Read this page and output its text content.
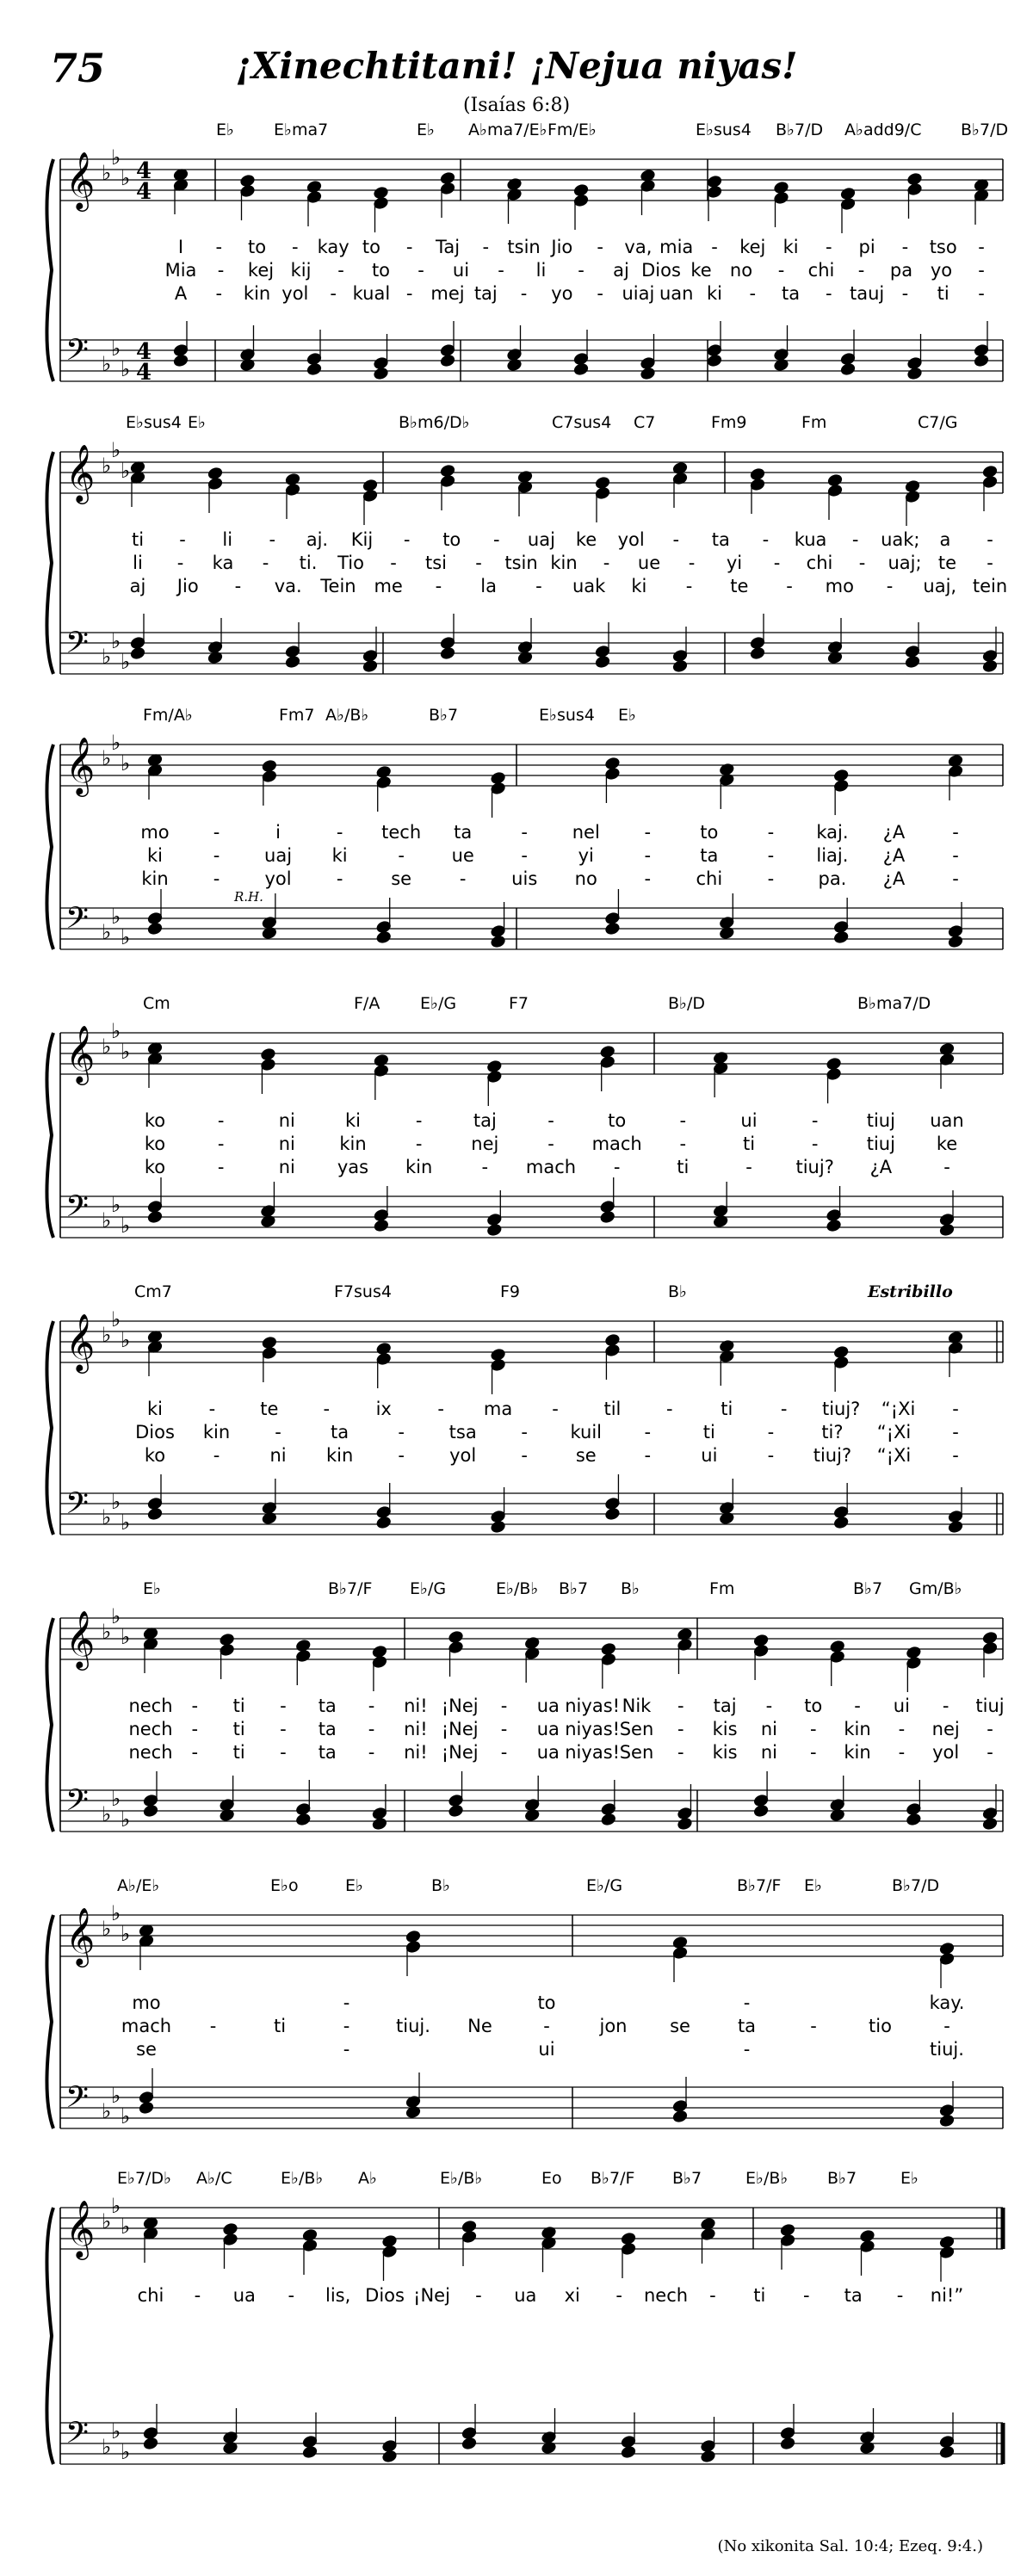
75	¡Xinechtitani! ¡Nejua niyas!
(Isaías 6:8)
𝄞
𝄢
♭
♭
♭
♭
♭
♭
4
4
4
4
E♭ E♭ma7	E♭ A♭ma7/E♭ Fm/E♭	E♭sus4 B♭7/D A♭add9/C B♭7/D
I - to - kay to - Taj - tsin Jio - va, mia - kej ki - pi - tso -
Mia - kej kij - to - ui - li - aj Dios ke no - chi - pa yo -
A - kin yol - kual - mej taj - yo - uiaj uan ki - ta - tauj - ti -
𝄞
𝄢
♭
♭
♭
♭
♭
♭
E♭sus4 E♭	B♭m6/D♭	C7sus4 C7	Fm9	Fm	C7/G
ti - li - aj. Kij - to - uaj ke yol - ta - kua - uak; a -
li - ka - ti. Tio - tsi - tsin kin - ue - yi - chi - uaj; te -
aj Jio - va. Tein me - la - uak ki - te - mo - uaj, tein
𝄞
𝄢
♭
♭
♭
♭
♭
♭
Fm/A♭	Fm7 A♭/B♭	B♭7	E♭sus4 E♭
mo -	i	- tech ta	- nel -	to	- kaj. ¿A	-
ki	- uaj ki	-	ue	-	yi	-	ta	- liaj. ¿A	-
kin - yol -	se	-	uis no	- chi - pa. ¿A	-
R.H.
𝄞
𝄢
♭
♭
♭
♭
♭
♭
Cm	F/A E♭/G	F7	B♭/D	B♭ma7/D
ko	-	ni	ki	-	taj	-	to	-	ui	-	tiuj uan
ko	-	ni kin	-	nej	- mach -	ti	-	tiuj ke
ko	-	ni yas kin	- mach -	ti	- tiuj? ¿A	-
𝄞
𝄢
♭
♭
♭
♭
♭
♭
Cm7	F7sus4	F9	B♭
ki	- te -	ix	- ma -	til	-	ti	- tiuj? “¡Xi -
Dios kin -	ta	- tsa - kuil -	ti	-	ti? “¡Xi -
ko	-	ni kin - yol -	se	-	ui	- tiuj? “¡Xi -
Estribillo
𝄞
𝄢
♭
♭
♭
♭
♭
♭
E♭	B♭7/F E♭/G	E♭/B♭ B♭7 B♭	Fm	B♭7 Gm/B♭
nech - ti - ta - ni! ¡Nej - ua niyas! Nik - taj - to - ui - tiuj
nech - ti - ta - ni! ¡Nej - ua niyas! Sen - kis ni - kin - nej -
nech - ti - ta - ni! ¡Nej - ua niyas! Sen - kis ni - kin - yol -
𝄞
𝄢
♭
♭
♭
♭
♭
♭
A♭/E♭	E♭o	E♭	B♭	E♭/G	B♭7/F E♭	B♭7/D
mo	-	to	-	kay.
mach -	ti	-	tiuj. Ne	-	jon se	ta	-	tio	-
se	-	ui	-	tiuj.
𝄞
𝄢
♭
♭
♭
♭
♭
♭
E♭7/D♭ A♭/C	E♭/B♭ A♭	E♭/B♭	Eo B♭7/F B♭7	E♭/B♭ B♭7	E♭
chi - ua - lis, Dios ¡Nej - ua xi - nech - ti - ta - ni!”
(No xikonita Sal. 10:4; Ezeq. 9:4.)
